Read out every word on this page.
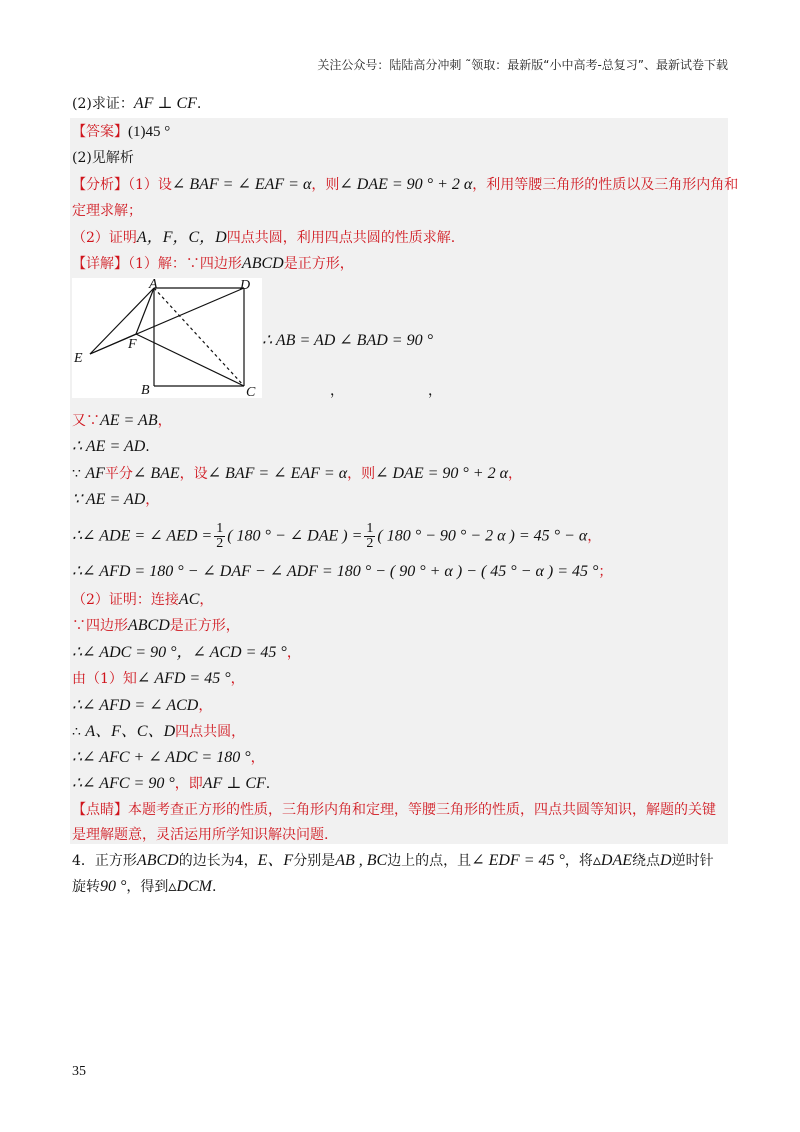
关注公众号：陆陆高分冲刺 ˜领取：最新版“小中高考-总复习”、最新试卷下载
(2)求证：AF ⊥ CF.
【答案】(1)45 °
(2)见解析
【分析】（1）设∠ BAF = ∠ EAF = α，则∠ DAE = 90 ° + 2 α，利用等腰三角形的性质以及三角形内角和
定理求解；
（2）证明A，F，C，D四点共圆，利用四点共圆的性质求解.
【详解】（1）解：∵四边形ABCD是正方形，
A	D
E
F
B	C
∴ AB = AD ∠ BAD = 90 °
，	，
又∵AE = AB，
∴ AE = AD.
∵ AF平分∠ BAE，设∠ BAF = ∠ EAF = α，则∠ DAE = 90 ° + 2 α，
∵ AE = AD，
∴∠ ADE = ∠ AED = $\frac{1}{2}$ ( 180 ° − ∠ DAE ) = $\frac{1}{2}$ ( 180 ° − 90 ° − 2 α ) = 45 ° − α，
∴∠ AFD = 180 ° − ∠ DAF − ∠ ADF = 180 ° − ( 90 ° + α ) − ( 45 ° − α ) = 45 °；
（2）证明：连接AC，
∵四边形ABCD是正方形，
∴∠ ADC = 90 °，∠ ACD = 45 °，
由（1）知∠ AFD = 45 °，
∴∠ AFD = ∠ ACD，
∴ A、F、C、D四点共圆，
∴∠ AFC + ∠ ADC = 180 °，
∴∠ AFC = 90 °，即AF ⊥ CF.
【点睛】本题考查正方形的性质，三角形内角和定理，等腰三角形的性质，四点共圆等知识，解题的关键
是理解题意，灵活运用所学知识解决问题.
4．正方形ABCD的边长为4，E、F分别是AB , BC边上的点，且∠ EDF = 45 °，将▵DAE绕点D逆时针
旋转90 °，得到▵DCM.
35
